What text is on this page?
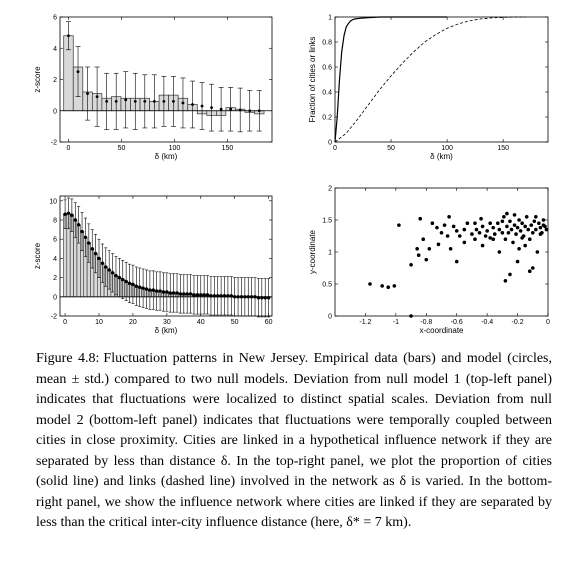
0	50	100	150
-2
0
2
4
6
δ (km)
z-score
0	50	100	150
0
0.2
0.4
0.6
0.8
1
δ (km)
Fraction of cities or links
0	10	20	30	40	50	60
-2
0
2
4
6
8
10
δ (km)
z-score
-1.2	-1	-0.8	-0.6	-0.4	-0.2	0
0
0.5
1
1.5
2
x-coordinate
y-coordinate

Figure 4.8: Fluctuation patterns in New Jersey. Empirical data (bars) and model (circles, mean ± std.) compared to two null models. Deviation from null model 1 (top-left panel) indicates that fluctuations were localized to distinct spatial scales. Deviation from null model 2 (bottom-left panel) indicates that fluctuations were temporally coupled between cities in close proximity. Cities are linked in a hypothetical influence network if they are separated by less than distance δ. In the top-right panel, we plot the proportion of cities (solid line) and links (dashed line) involved in the network as δ is varied. In the bottom-right panel, we show the influence network where cities are linked if they are separated by less than the critical inter-city influence distance (here, δ* = 7 km).
